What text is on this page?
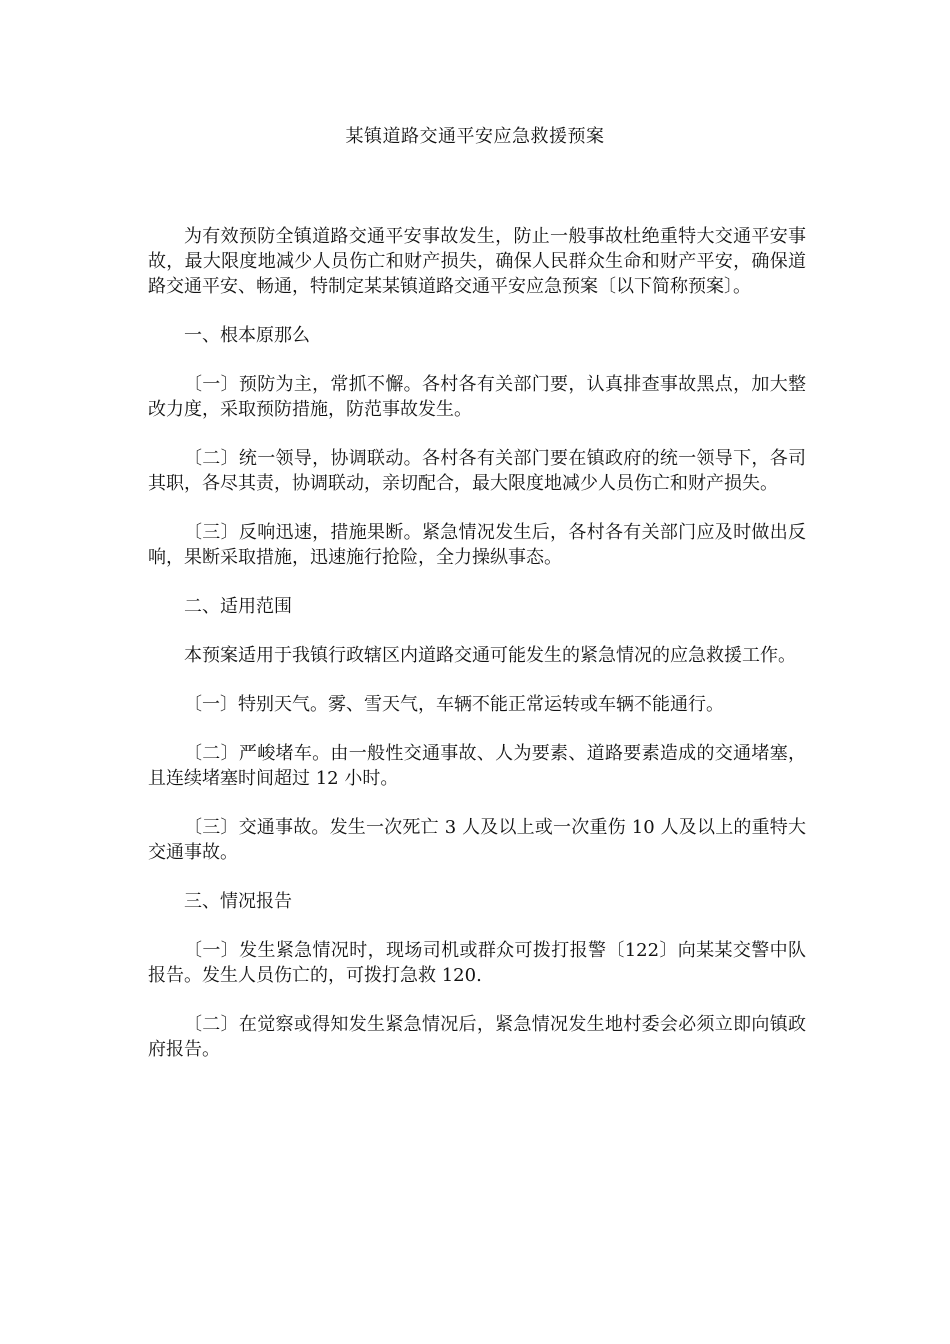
某镇道路交通平安应急救援预案

为有效预防全镇道路交通平安事故发生，防止一般事故杜绝重特大交通平安事故，最大限度地减少人员伤亡和财产损失，确保人民群众生命和财产平安，确保道路交通平安、畅通，特制定某某镇道路交通平安应急预案〔以下简称预案〕。

一、根本原那么

〔一〕预防为主，常抓不懈。各村各有关部门要，认真排查事故黑点，加大整改力度，采取预防措施，防范事故发生。

〔二〕统一领导，协调联动。各村各有关部门要在镇政府的统一领导下，各司其职，各尽其责，协调联动，亲切配合，最大限度地减少人员伤亡和财产损失。

〔三〕反响迅速，措施果断。紧急情况发生后，各村各有关部门应及时做出反响，果断采取措施，迅速施行抢险，全力操纵事态。

二、适用范围

本预案适用于我镇行政辖区内道路交通可能发生的紧急情况的应急救援工作。

〔一〕特别天气。雾、雪天气，车辆不能正常运转或车辆不能通行。

〔二〕严峻堵车。由一般性交通事故、人为要素、道路要素造成的交通堵塞，且连续堵塞时间超过 12 小时。

〔三〕交通事故。发生一次死亡 3 人及以上或一次重伤 10 人及以上的重特大交通事故。

三、情况报告

〔一〕发生紧急情况时，现场司机或群众可拨打报警〔122〕向某某交警中队报告。发生人员伤亡的，可拨打急救 120.

〔二〕在觉察或得知发生紧急情况后，紧急情况发生地村委会必须立即向镇政府报告。
